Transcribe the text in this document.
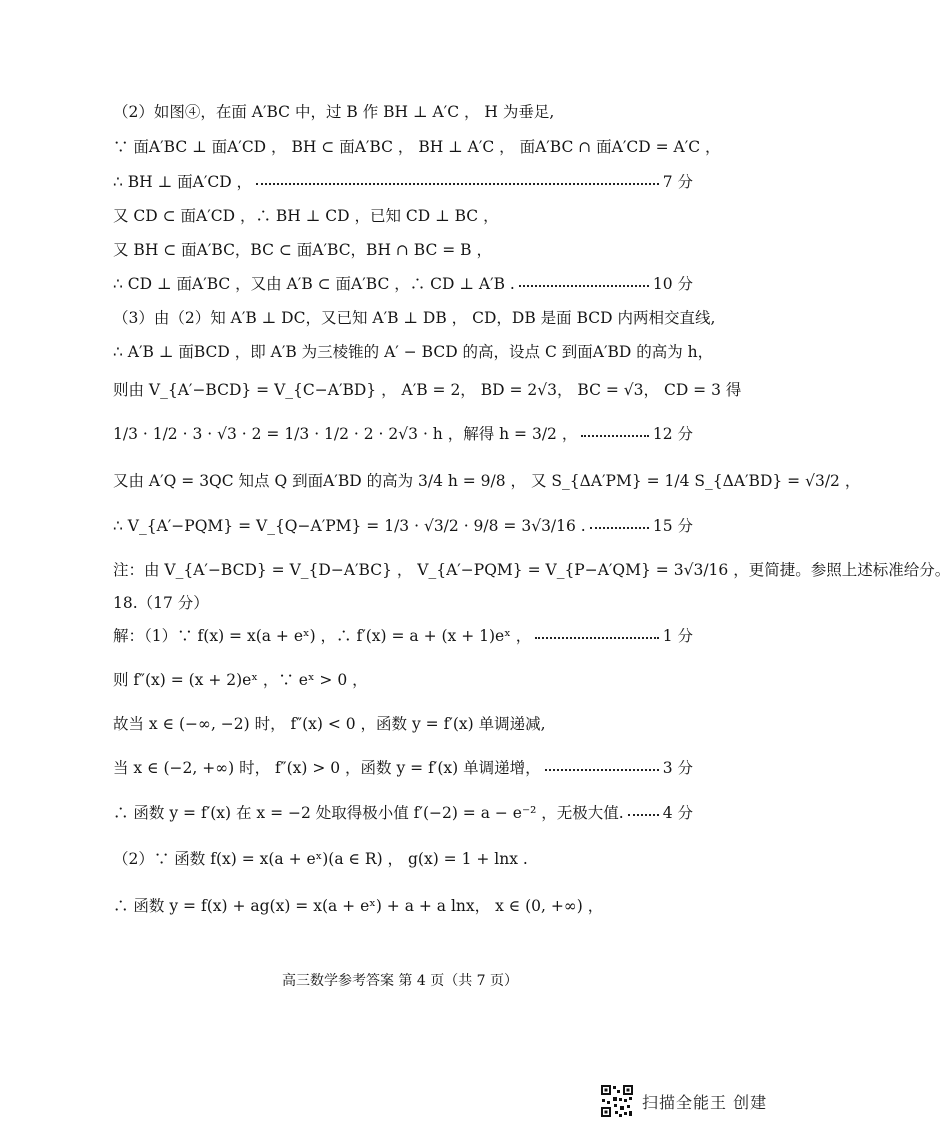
（2）如图④，在面 A′BC 中，过 B 作 BH ⊥ A′C ， H 为垂足,
∵ 面A′BC ⊥ 面A′CD ， BH ⊂ 面A′BC ， BH ⊥ A′C ， 面A′BC ∩ 面A′CD = A′C ，
∴ BH ⊥ 面A′CD ，	7 分
又 CD ⊂ 面A′CD ，∴ BH ⊥ CD ，已知 CD ⊥ BC ，
又 BH ⊂ 面A′BC，BC ⊂ 面A′BC，BH ∩ BC = B ，
∴ CD ⊥ 面A′BC ，又由 A′B ⊂ 面A′BC ，∴ CD ⊥ A′B .	10 分
（3）由（2）知 A′B ⊥ DC，又已知 A′B ⊥ DB ， CD，DB 是面 BCD 内两相交直线,
∴ A′B ⊥ 面BCD ，即 A′B 为三棱锥的 A′ − BCD 的高，设点 C 到面A′BD 的高为 h，
则由 V_{A′−BCD} = V_{C−A′BD} ， A′B = 2， BD = 2√3， BC = √3， CD = 3 得
1/3 · 1/2 · 3 · √3 · 2 = 1/3 · 1/2 · 2 · 2√3 · h ，解得 h = 3/2 ，	12 分
又由 A′Q = 3QC 知点 Q 到面A′BD 的高为 3/4 h = 9/8 ， 又 S_{ΔA′PM} = 1/4 S_{ΔA′BD} = √3/2 ，
∴ V_{A′−PQM} = V_{Q−A′PM} = 1/3 · √3/2 · 9/8 = 3√3/16 .	15 分
注：由 V_{A′−BCD} = V_{D−A′BC} ， V_{A′−PQM} = V_{P−A′QM} = 3√3/16 ，更简捷。参照上述标准给分。
18.（17 分）
解：（1）∵ f(x) = x(a + eˣ) ，∴ f′(x) = a + (x + 1)eˣ ，	1 分
则 f″(x) = (x + 2)eˣ ，∵ eˣ > 0 ，
故当 x ∈ (−∞, −2) 时， f″(x) < 0 ，函数 y = f′(x) 单调递减,
当 x ∈ (−2, +∞) 时， f″(x) > 0 ，函数 y = f′(x) 单调递增，	3 分
∴ 函数 y = f′(x) 在 x = −2 处取得极小值 f′(−2) = a − e⁻² ，无极大值.	4 分
（2）∵ 函数 f(x) = x(a + eˣ)(a ∈ R) ， g(x) = 1 + lnx .
∴ 函数 y = f(x) + ag(x) = x(a + eˣ) + a + a lnx， x ∈ (0, +∞) ，
高三数学参考答案 第 4 页（共 7 页）
扫描全能王 创建
